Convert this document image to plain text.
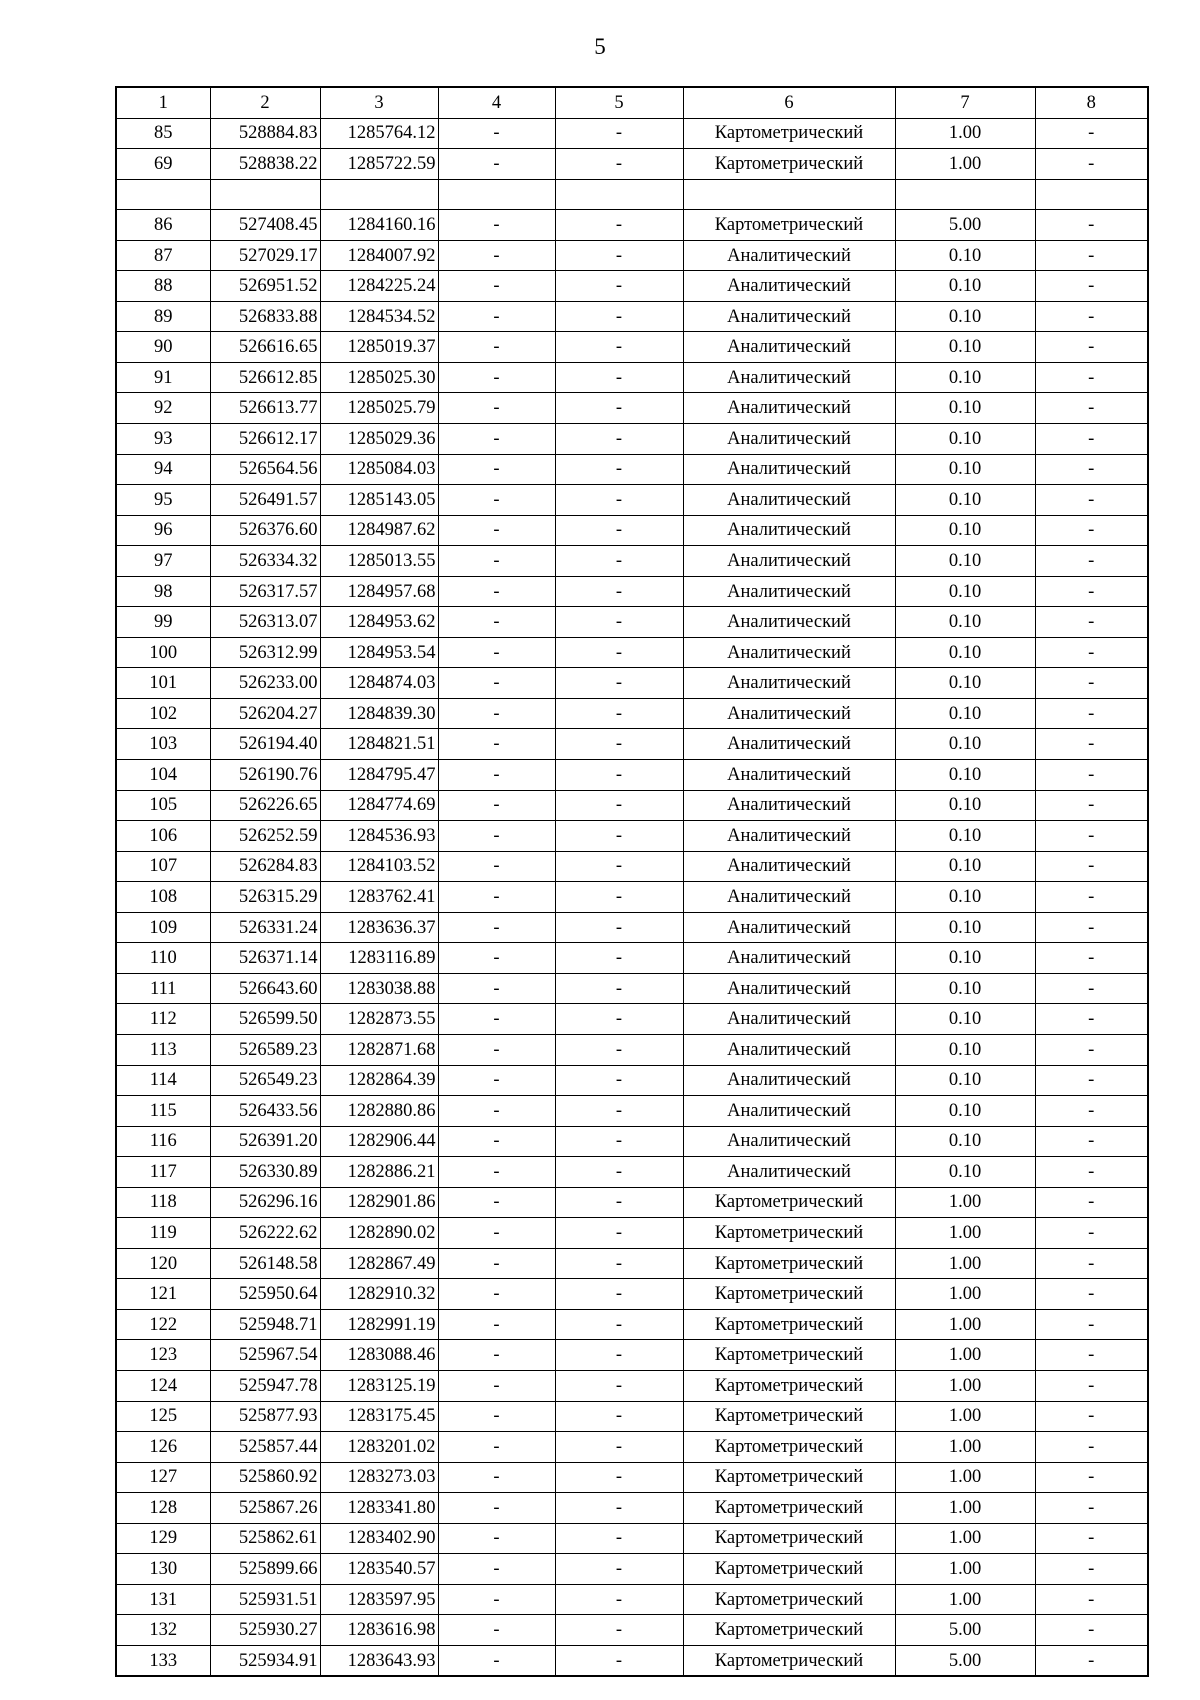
5
1	2	3	4	5	6	7	8
85	528884.83	1285764.12	-	-	Картометрический	1.00	-
69	528838.22	1285722.59	-	-	Картометрический	1.00	-

86	527408.45	1284160.16	-	-	Картометрический	5.00	-
87	527029.17	1284007.92	-	-	Аналитический	0.10	-
88	526951.52	1284225.24	-	-	Аналитический	0.10	-
89	526833.88	1284534.52	-	-	Аналитический	0.10	-
90	526616.65	1285019.37	-	-	Аналитический	0.10	-
91	526612.85	1285025.30	-	-	Аналитический	0.10	-
92	526613.77	1285025.79	-	-	Аналитический	0.10	-
93	526612.17	1285029.36	-	-	Аналитический	0.10	-
94	526564.56	1285084.03	-	-	Аналитический	0.10	-
95	526491.57	1285143.05	-	-	Аналитический	0.10	-
96	526376.60	1284987.62	-	-	Аналитический	0.10	-
97	526334.32	1285013.55	-	-	Аналитический	0.10	-
98	526317.57	1284957.68	-	-	Аналитический	0.10	-
99	526313.07	1284953.62	-	-	Аналитический	0.10	-
100	526312.99	1284953.54	-	-	Аналитический	0.10	-
101	526233.00	1284874.03	-	-	Аналитический	0.10	-
102	526204.27	1284839.30	-	-	Аналитический	0.10	-
103	526194.40	1284821.51	-	-	Аналитический	0.10	-
104	526190.76	1284795.47	-	-	Аналитический	0.10	-
105	526226.65	1284774.69	-	-	Аналитический	0.10	-
106	526252.59	1284536.93	-	-	Аналитический	0.10	-
107	526284.83	1284103.52	-	-	Аналитический	0.10	-
108	526315.29	1283762.41	-	-	Аналитический	0.10	-
109	526331.24	1283636.37	-	-	Аналитический	0.10	-
110	526371.14	1283116.89	-	-	Аналитический	0.10	-
111	526643.60	1283038.88	-	-	Аналитический	0.10	-
112	526599.50	1282873.55	-	-	Аналитический	0.10	-
113	526589.23	1282871.68	-	-	Аналитический	0.10	-
114	526549.23	1282864.39	-	-	Аналитический	0.10	-
115	526433.56	1282880.86	-	-	Аналитический	0.10	-
116	526391.20	1282906.44	-	-	Аналитический	0.10	-
117	526330.89	1282886.21	-	-	Аналитический	0.10	-
118	526296.16	1282901.86	-	-	Картометрический	1.00	-
119	526222.62	1282890.02	-	-	Картометрический	1.00	-
120	526148.58	1282867.49	-	-	Картометрический	1.00	-
121	525950.64	1282910.32	-	-	Картометрический	1.00	-
122	525948.71	1282991.19	-	-	Картометрический	1.00	-
123	525967.54	1283088.46	-	-	Картометрический	1.00	-
124	525947.78	1283125.19	-	-	Картометрический	1.00	-
125	525877.93	1283175.45	-	-	Картометрический	1.00	-
126	525857.44	1283201.02	-	-	Картометрический	1.00	-
127	525860.92	1283273.03	-	-	Картометрический	1.00	-
128	525867.26	1283341.80	-	-	Картометрический	1.00	-
129	525862.61	1283402.90	-	-	Картометрический	1.00	-
130	525899.66	1283540.57	-	-	Картометрический	1.00	-
131	525931.51	1283597.95	-	-	Картометрический	1.00	-
132	525930.27	1283616.98	-	-	Картометрический	5.00	-
133	525934.91	1283643.93	-	-	Картометрический	5.00	-
